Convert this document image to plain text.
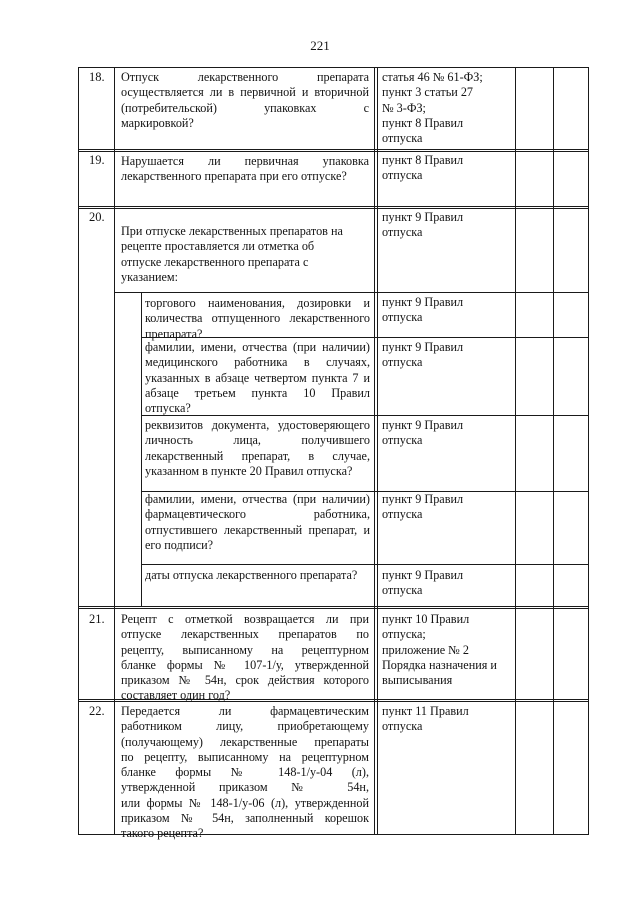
221
18. Отпуск лекарственного препарата
осуществляется ли в первичной и вторичной
(потребительской) упаковках с
маркировкой?
статья 46 № 61-ФЗ;
пункт 3 статьи 27
№ 3-ФЗ;
пункт 8 Правил
отпуска
19. Нарушается ли первичная упаковка
лекарственного препарата при его отпуске?
пункт 8 Правил
отпуска
20.
При отпуске лекарственных препаратов на
рецепте проставляется ли отметка об
отпуске лекарственного препарата с
указанием:
пункт 9 Правил
отпуска
торгового наименования, дозировки и
количества отпущенного лекарственного
препарата?
пункт 9 Правил
отпуска
фамилии, имени, отчества (при наличии)
медицинского работника в случаях,
указанных в абзаце четвертом пункта 7 и
абзаце третьем пункта 10 Правил
отпуска?
пункт 9 Правил
отпуска
реквизитов документа, удостоверяющего
личность лица, получившего
лекарственный препарат, в случае,
указанном в пункте 20 Правил отпуска?
пункт 9 Правил
отпуска
фамилии, имени, отчества (при наличии)
фармацевтического работника,
отпустившего лекарственный препарат, и
его подписи?
пункт 9 Правил
отпуска
даты отпуска лекарственного препарата?	пункт 9 Правил
отпуска
21. Рецепт с отметкой возвращается ли при
отпуске лекарственных препаратов по
рецепту, выписанному на рецептурном
бланке формы № 107-1/у, утвержденной
приказом № 54н, срок действия которого
составляет один год?
пункт 10 Правил
отпуска;
приложение № 2
Порядка назначения и
выписывания
22. Передается ли фармацевтическим
работником лицу, приобретающему
(получающему) лекарственные препараты
по рецепту, выписанному на рецептурном
бланке формы № 148-1/у-04 (л),
утвержденной приказом № 54н,
или формы № 148-1/у-06 (л), утвержденной
приказом № 54н, заполненный корешок
такого рецепта?
пункт 11 Правил
отпуска
